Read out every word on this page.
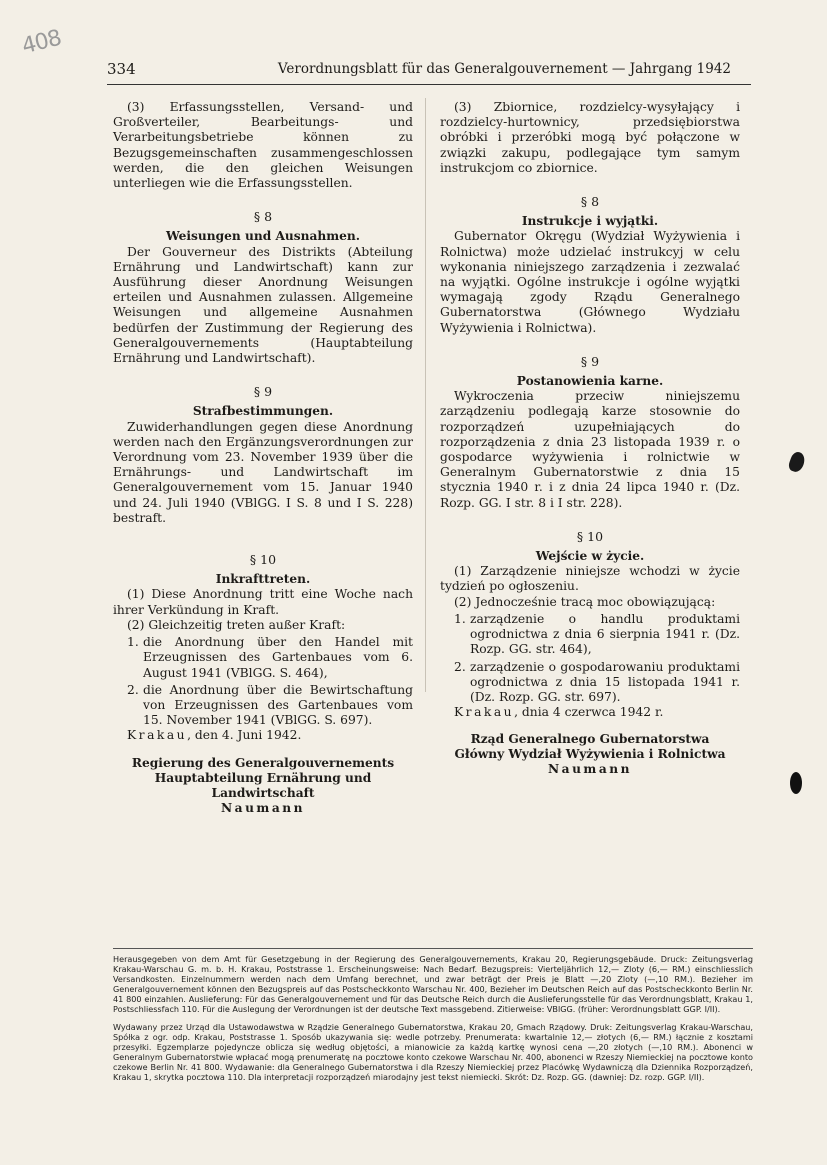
408
334	Verordnungsblatt für das Generalgouvernement — Jahrgang 1942

(3) Erfassungsstellen, Versand- und Großverteiler, Bearbeitungs- und Verarbeitungsbetriebe können zu Bezugsgemeinschaften zusammengeschlossen werden, die den gleichen Weisungen unterliegen wie die Erfassungsstellen.

§ 8
Weisungen und Ausnahmen.

Der Gouverneur des Distrikts (Abteilung Ernährung und Landwirtschaft) kann zur Ausführung dieser Anordnung Weisungen erteilen und Ausnahmen zulassen. Allgemeine Weisungen und allgemeine Ausnahmen bedürfen der Zustimmung der Regierung des Generalgouvernements (Hauptabteilung Ernährung und Landwirtschaft).

§ 9
Strafbestimmungen.

Zuwiderhandlungen gegen diese Anordnung werden nach den Ergänzungsverordnungen zur Verordnung vom 23. November 1939 über die Ernährungs- und Landwirtschaft im Generalgouvernement vom 15. Januar 1940 und 24. Juli 1940 (VBlGG. I S. 8 und I S. 228) bestraft.

§ 10
Inkrafttreten.

(1) Diese Anordnung tritt eine Woche nach ihrer Verkündung in Kraft.

(2) Gleichzeitig treten außer Kraft:

1. die Anordnung über den Handel mit Erzeugnissen des Gartenbaues vom 6. August 1941 (VBlGG. S. 464),
2. die Anordnung über die Bewirtschaftung von Erzeugnissen des Gartenbaues vom 15. November 1941 (VBlGG. S. 697).

Krakau, den 4. Juni 1942.

Regierung des Generalgouvernements
Hauptabteilung Ernährung und Landwirtschaft
Naumann

(3) Zbiornice, rozdzielcy-wysyłający i rozdzielcy-hurtownicy, przedsiębiorstwa obróbki i przeróbki mogą być połączone w związki zakupu, podlegające tym samym instrukcjom co zbiornice.

§ 8
Instrukcje i wyjątki.

Gubernator Okręgu (Wydział Wyżywienia i Rolnictwa) może udzielać instrukcyj w celu wykonania niniejszego zarządzenia i zezwalać na wyjątki. Ogólne instrukcje i ogólne wyjątki wymagają zgody Rządu Generalnego Gubernatorstwa (Głównego Wydziału Wyżywienia i Rolnictwa).

§ 9
Postanowienia karne.

Wykroczenia przeciw niniejszemu zarządzeniu podlegają karze stosownie do rozporządzeń uzupełniających do rozporządzenia z dnia 23 listopada 1939 r. o gospodarce wyżywienia i rolnictwie w Generalnym Gubernatorstwie z dnia 15 stycznia 1940 r. i z dnia 24 lipca 1940 r. (Dz. Rozp. GG. I str. 8 i I str. 228).

§ 10
Wejście w życie.

(1) Zarządzenie niniejsze wchodzi w życie tydzień po ogłoszeniu.

(2) Jednocześnie tracą moc obowiązującą:

1. zarządzenie o handlu produktami ogrodnictwa z dnia 6 sierpnia 1941 r. (Dz. Rozp. GG. str. 464),
2. zarządzenie o gospodarowaniu produktami ogrodnictwa z dnia 15 listopada 1941 r. (Dz. Rozp. GG. str. 697).

Krakau, dnia 4 czerwca 1942 r.

Rząd Generalnego Gubernatorstwa
Główny Wydział Wyżywienia i Rolnictwa
Naumann

Herausgegeben von dem Amt für Gesetzgebung in der Regierung des Generalgouvernements, Krakau 20, Regierungsgebäude. Druck: Zeitungsverlag Krakau-Warschau G. m. b. H. Krakau, Poststrasse 1. Erscheinungsweise: Nach Bedarf. Bezugspreis: Vierteljährlich 12,— Zloty (6,— RM.) einschliesslich Versandkosten. Einzelnummern werden nach dem Umfang berechnet, und zwar beträgt der Preis je Blatt —,20 Zloty (—,10 RM.). Bezieher im Generalgouvernement können den Bezugspreis auf das Postscheckkonto Warschau Nr. 400, Bezieher im Deutschen Reich auf das Postscheckkonto Berlin Nr. 41 800 einzahlen. Auslieferung: Für das Generalgouvernement und für das Deutsche Reich durch die Auslieferungsstelle für das Verordnungsblatt, Krakau 1, Postschliessfach 110. Für die Auslegung der Verordnungen ist der deutsche Text massgebend. Zitierweise: VBlGG. (früher: Verordnungsblatt GGP. I/II).

Wydawany przez Urząd dla Ustawodawstwa w Rządzie Generalnego Gubernatorstwa, Krakau 20, Gmach Rządowy. Druk: Zeitungsverlag Krakau-Warschau, Spółka z ogr. odp. Krakau, Poststrasse 1. Sposób ukazywania się: wedle potrzeby. Prenumerata: kwartalnie 12,— złotych (6,— RM.) łącznie z kosztami przesyłki. Egzemplarze pojedyncze oblicza się według objętości, a mianowicie za każdą kartkę wynosi cena —,20 złotych (—,10 RM.). Abonenci w Generalnym Gubernatorstwie wpłacać mogą prenumeratę na pocztowe konto czekowe Warschau Nr. 400, abonenci w Rzeszy Niemieckiej na pocztowe konto czekowe Berlin Nr. 41 800. Wydawanie: dla Generalnego Gubernatorstwa i dla Rzeszy Niemieckiej przez Placówkę Wydawniczą dla Dziennika Rozporządzeń, Krakau 1, skrytka pocztowa 110. Dla interpretacji rozporządzeń miarodajny jest tekst niemiecki. Skrót: Dz. Rozp. GG. (dawniej: Dz. rozp. GGP. I/II).
